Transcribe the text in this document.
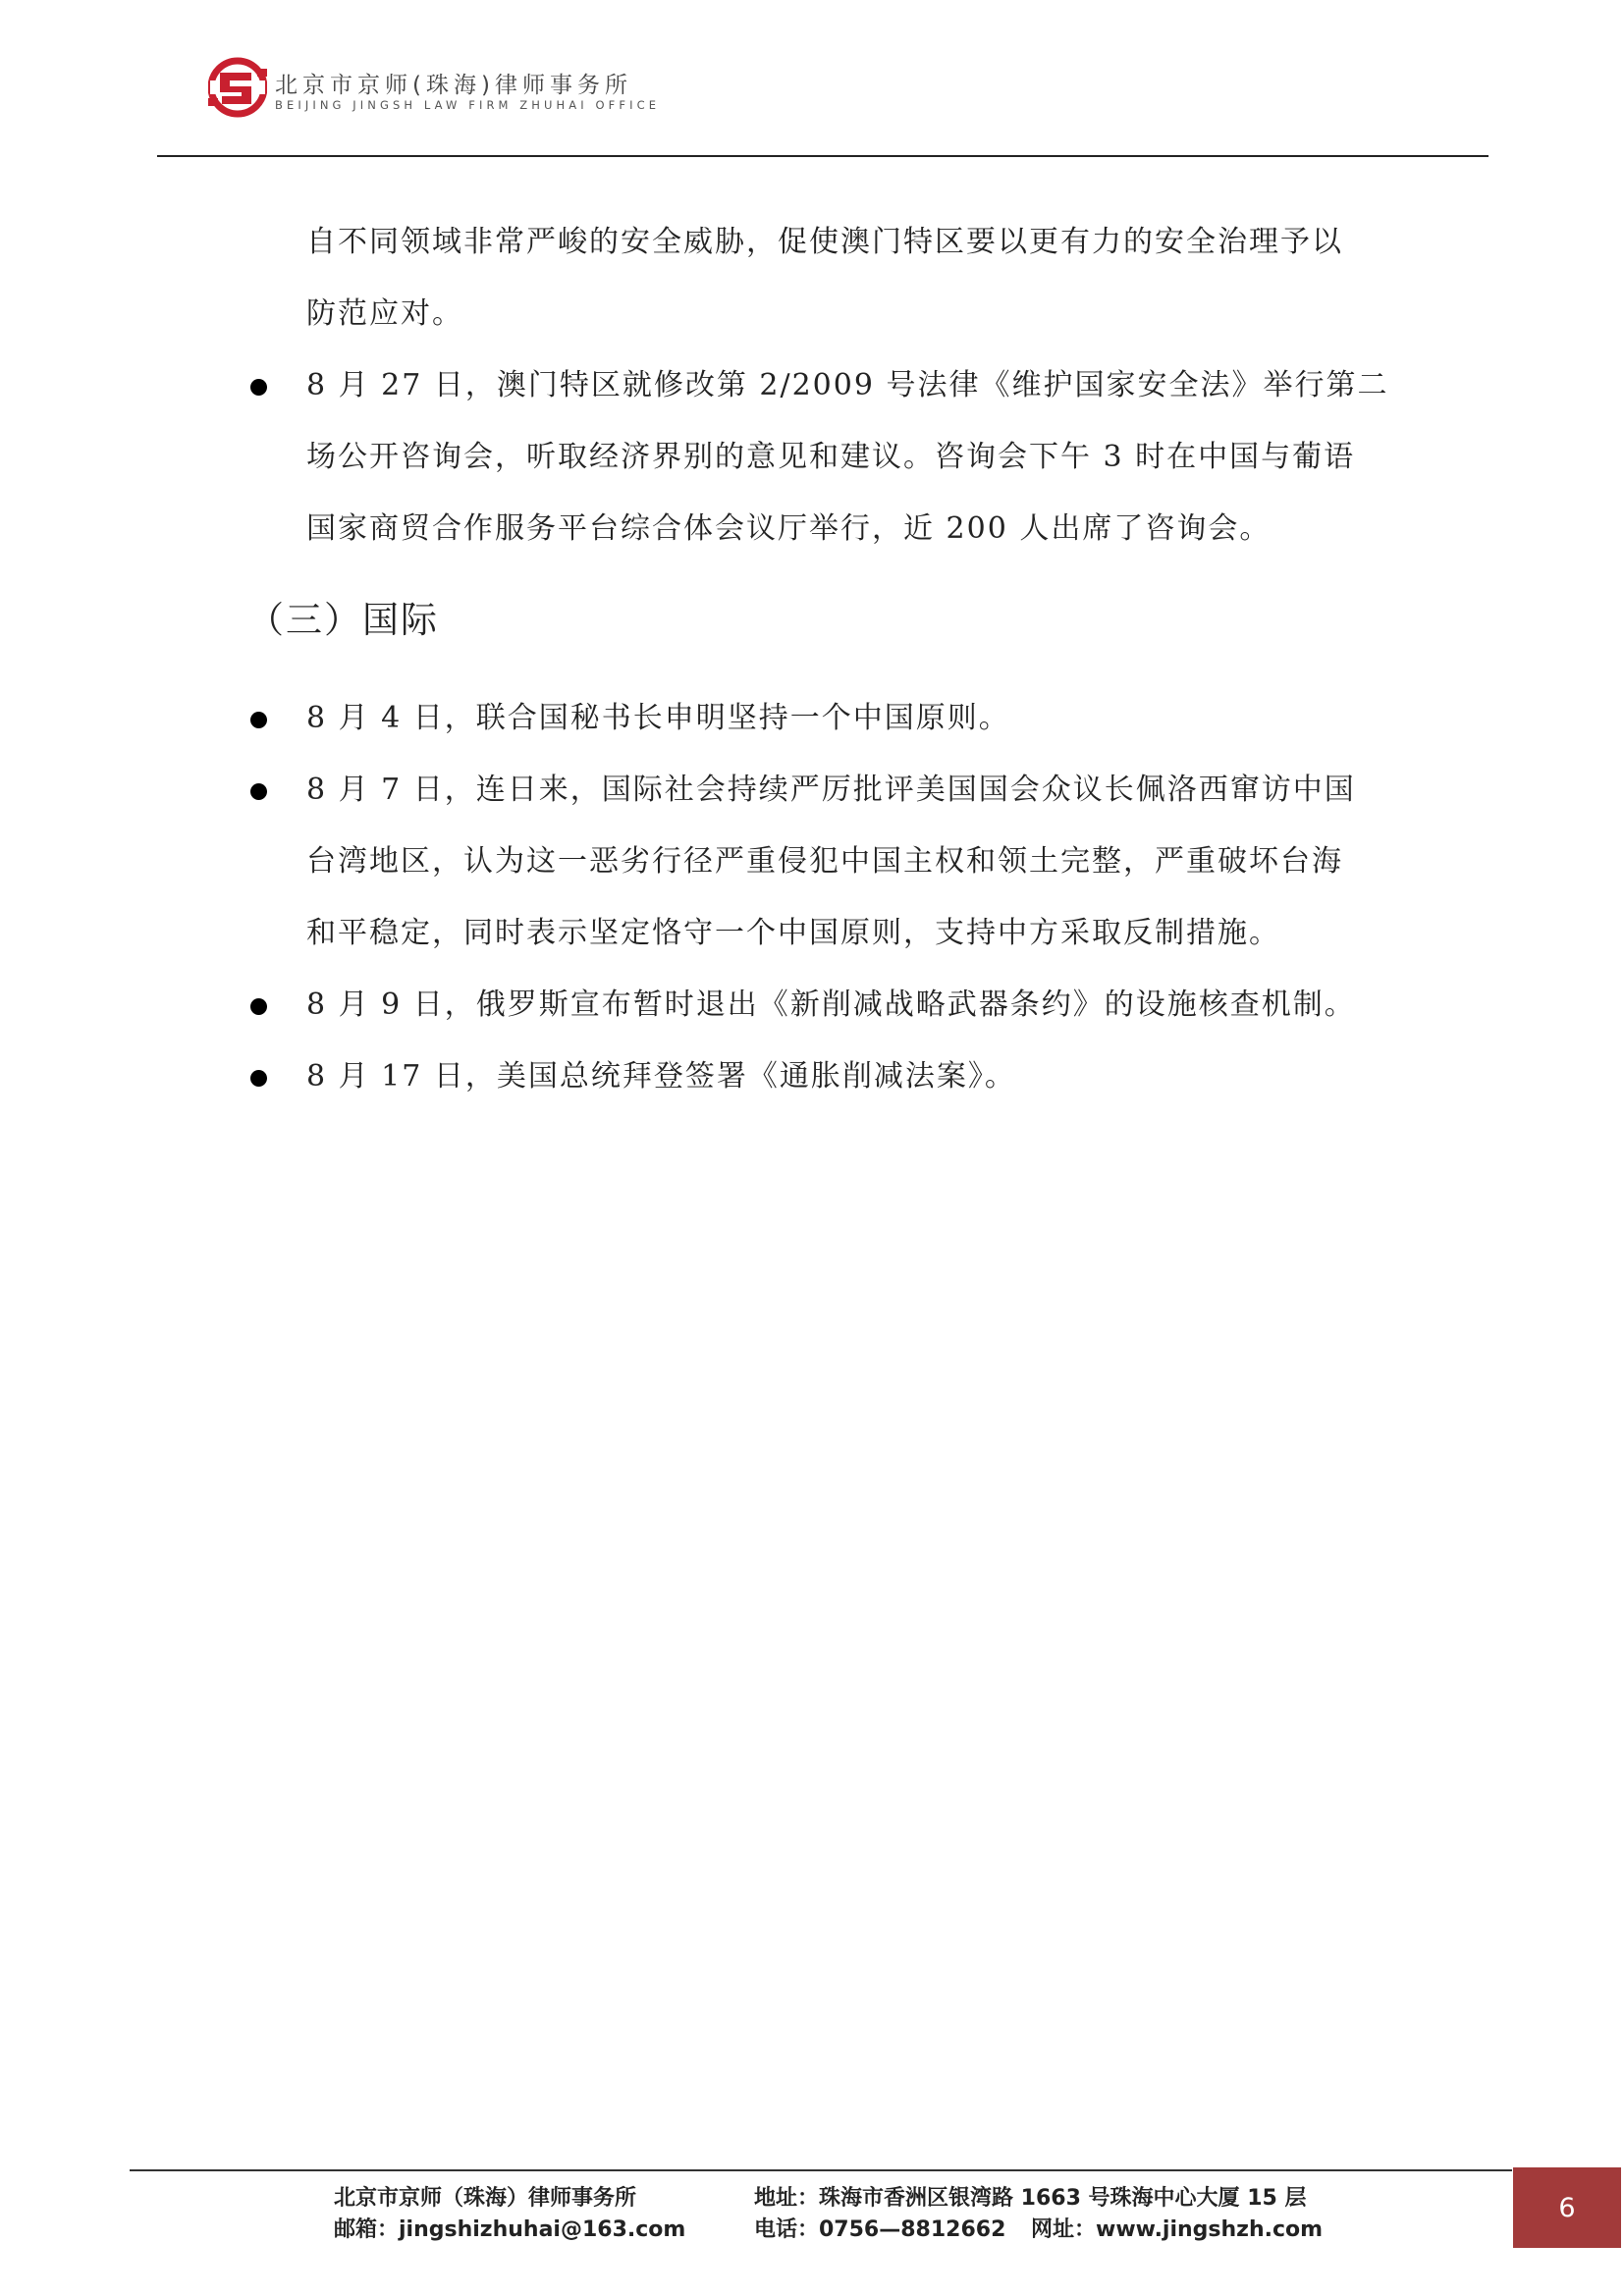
北京市京师(珠海)律师事务所
BEIJING JINGSH LAW FIRM ZHUHAI OFFICE

自不同领域非常严峻的安全威胁，促使澳门特区要以更有力的安全治理予以

防范应对。

8 月 27 日，澳门特区就修改第 2/2009 号法律《维护国家安全法》举行第二

场公开咨询会，听取经济界别的意见和建议。咨询会下午 3 时在中国与葡语

国家商贸合作服务平台综合体会议厅举行，近 200 人出席了咨询会。

（三）国际

8 月 4 日，联合国秘书长申明坚持一个中国原则。

8 月 7 日，连日来，国际社会持续严厉批评美国国会众议长佩洛西窜访中国

台湾地区，认为这一恶劣行径严重侵犯中国主权和领土完整，严重破坏台海

和平稳定，同时表示坚定恪守一个中国原则，支持中方采取反制措施。

8 月 9 日，俄罗斯宣布暂时退出《新削减战略武器条约》的设施核查机制。

8 月 17 日，美国总统拜登签署《通胀削减法案》。

北京市京师（珠海）律师事务所	地址：珠海市香洲区银湾路 1663 号珠海中心大厦 15 层
邮箱：jingshizhuhai@163.com	电话：0756—8812662 网址：www.jingshzh.com
6
